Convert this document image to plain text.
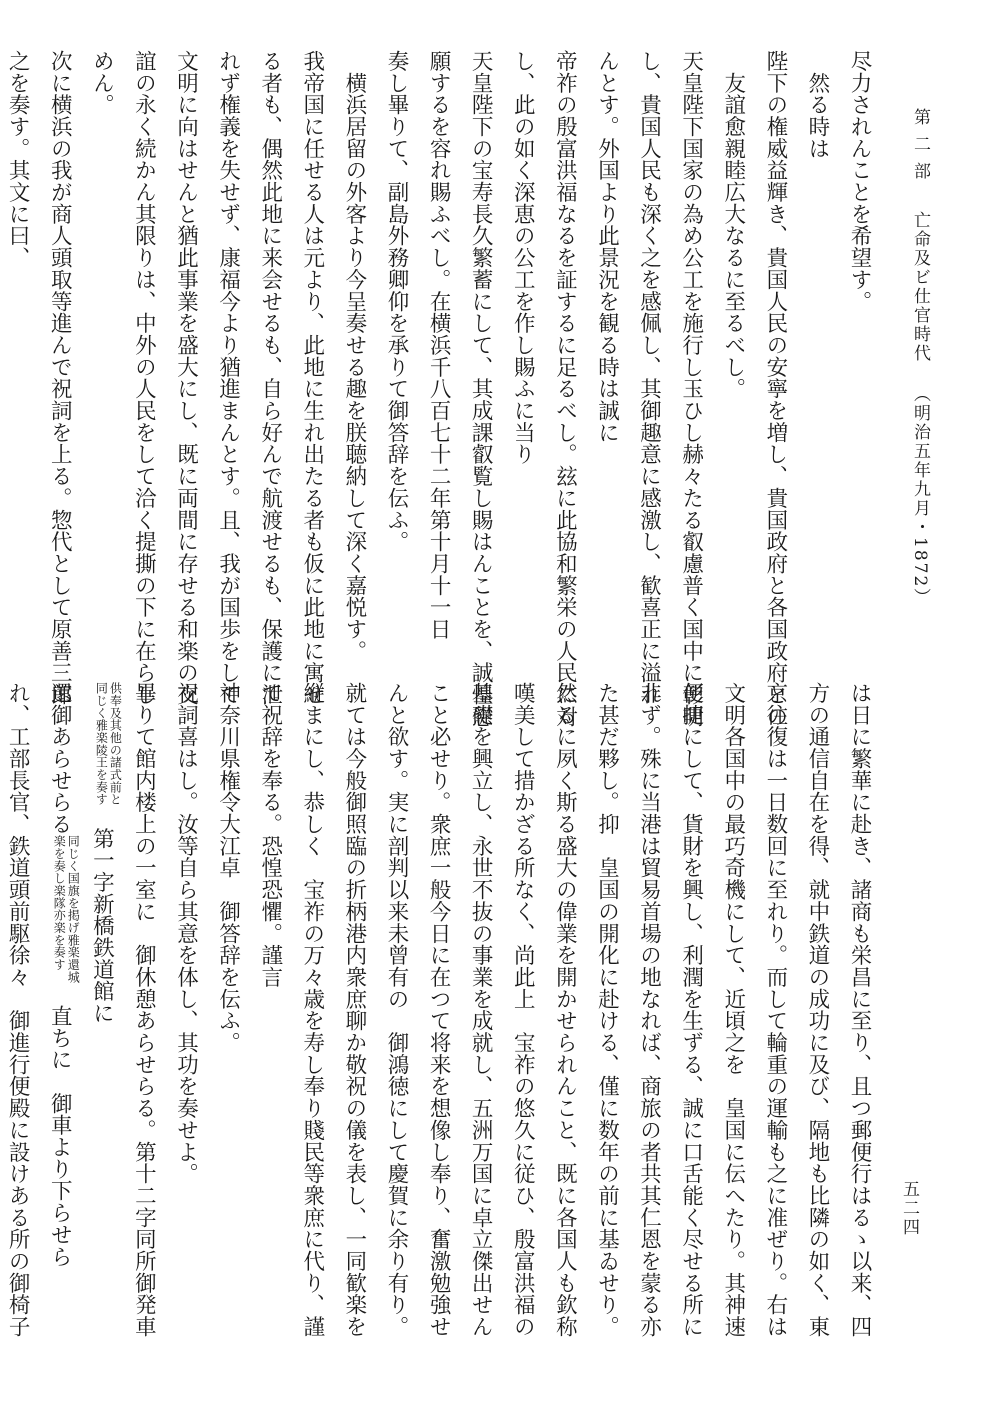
第二部亡命及ビ仕官時代（明治五年九月・1872）
五二四
尽力されんことを希望す。
　然る時は
陛下の権威益輝き、貴国人民の安寧を増し、貴国政府と各国政府との
　友誼愈親睦広大なるに至るべし。
天皇陛下国家の為め公工を施行し玉ひし赫々たる叡慮普く国中に彰明
し、貴国人民も深く之を感佩し、其御趣意に感激し、歓喜正に溢れ
んとす。外国より此景況を観る時は誠に
帝祚の殷富洪福なるを証するに足るべし。玆に此協和繁栄の人民に対
し、此の如く深恵の公工を作し賜ふに当り
天皇陛下の宝寿長久繁蓄にして、其成課叡覧し賜はんことを、誠惶懇
願するを容れ賜ふべし。在横浜千八百七十二年第十月十一日
奏し畢りて、副島外務卿仰を承りて御答辞を伝ふ。
　横浜居留の外客より今呈奏せる趣を朕聴納して深く嘉悦す。
我帝国に任せる人は元より、此地に生れ出たる者も仮に此地に寓せ
る者も、偶然此地に来会せるも、自ら好んで航渡せるも、保護に泄
れず権義を失せず、康福今より猶進まんとす。且、我が国歩をして
文明に向はせんと猶此事業を盛大にし、既に両間に存せる和楽の交
誼の永く続かん其限りは、中外の人民をして洽く提撕の下に在らし
めん。
次に横浜の我が商人頭取等進んで祝詞を上る。惣代として原善三郎
之を奏す。其文に曰、
は日に繁華に赴き、諸商も栄昌に至り、且つ郵便行はるゝ以来、四
方の通信自在を得、就中鉄道の成功に及び、隔地も比隣の如く、東
京往復は一日数回に至れり。而して輪重の運輸も之に准ぜり。右は
文明各国中の最巧奇機にして、近頃之を　皇国に伝へたり。其神速
便捷にして、貨財を興し、利潤を生ずる、誠に口舌能く尽せる所に
非ず。殊に当港は貿易首場の地なれば、商旅の者共其仁恩を蒙る亦
た甚だ夥し。抑　皇国の開化に赴ける、僅に数年の前に基ゐせり。
然るに夙く斯る盛大の偉業を開かせられんこと、既に各国人も欽称
嘆美して措かざる所なく、尚此上　宝祚の悠久に従ひ、殷富洪福の
基礎を興立し、永世不抜の事業を成就し、五洲万国に卓立傑出せん
こと必せり。衆庶一般今日に在つて将来を想像し奉り、奮激勉強せ
んと欲す。実に剖判以来未曾有の　御鴻徳にして慶賀に余り有り。
就ては今般御照臨の折柄港内衆庶聊か敬祝の儀を表し、一同歓楽を
縦まにし、恭しく　宝祚の万々歳を寿し奉り賤民等衆庶に代り、謹
て祝辞を奉る。恐惶恐懼。謹言
神奈川県権令大江卓　御答辞を伝ふ。
祝詞喜はし。汝等自ら其意を体し、其功を奏せよ。
畢りて館内楼上の一室に　御休憩あらせらる。第十二字同所御発車
供奉及其他の諸式前と
同じく雅楽陵王を奏す
　第一字新橋鉄道館に
還御あらせらる
同じく国旗を掲げ雅楽還城
楽を奏し楽隊亦楽を奏す
　直ちに　御車より下らせら
れ、工部長官、鉄道頭前駆徐々　御進行便殿に設けある所の御椅子
